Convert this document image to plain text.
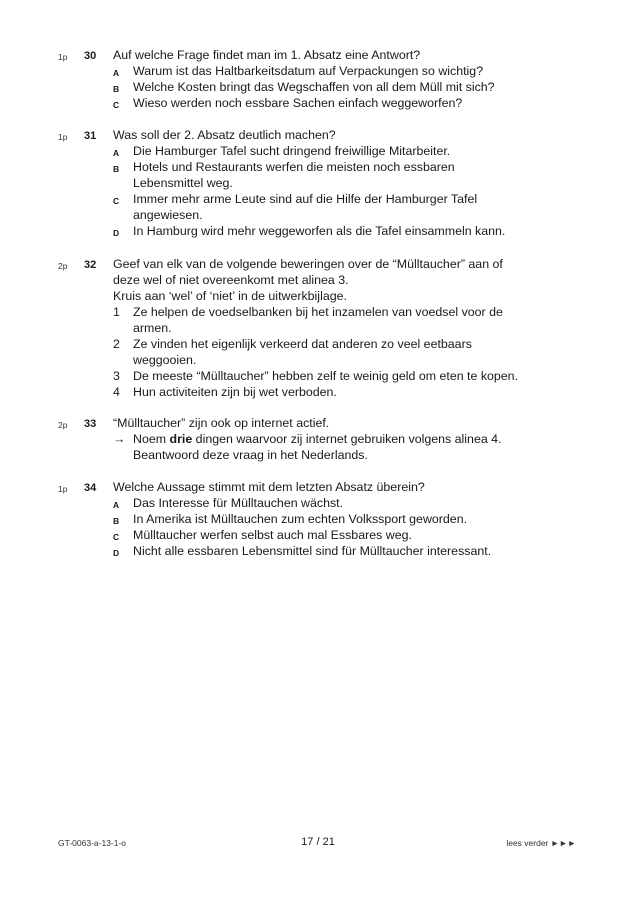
1p 30 Auf welche Frage findet man im 1. Absatz eine Antwort?
A Warum ist das Haltbarkeitsdatum auf Verpackungen so wichtig?
B Welche Kosten bringt das Wegschaffen von all dem Müll mit sich?
C Wieso werden noch essbare Sachen einfach weggeworfen?
1p 31 Was soll der 2. Absatz deutlich machen?
A Die Hamburger Tafel sucht dringend freiwillige Mitarbeiter.
B Hotels und Restaurants werfen die meisten noch essbaren
Lebensmittel weg.
C Immer mehr arme Leute sind auf die Hilfe der Hamburger Tafel
angewiesen.
D In Hamburg wird mehr weggeworfen als die Tafel einsammeln kann.
2p 32 Geef van elk van de volgende beweringen over de “Mülltaucher” aan of
deze wel of niet overeenkomt met alinea 3.
Kruis aan ‘wel’ of ‘niet’ in de uitwerkbijlage.
1 Ze helpen de voedselbanken bij het inzamelen van voedsel voor de
armen.
2 Ze vinden het eigenlijk verkeerd dat anderen zo veel eetbaars
weggooien.
3 De meeste “Mülltaucher” hebben zelf te weinig geld om eten te kopen.
4 Hun activiteiten zijn bij wet verboden.
2p 33 “Mülltaucher” zijn ook op internet actief.
→ Noem drie dingen waarvoor zij internet gebruiken volgens alinea 4.
Beantwoord deze vraag in het Nederlands.
1p 34 Welche Aussage stimmt mit dem letzten Absatz überein?
A Das Interesse für Mülltauchen wächst.
B In Amerika ist Mülltauchen zum echten Volkssport geworden.
C Mülltaucher werfen selbst auch mal Essbares weg.
D Nicht alle essbaren Lebensmittel sind für Mülltaucher interessant.
GT-0063-a-13-1-o	17 / 21	lees verder ►►►
